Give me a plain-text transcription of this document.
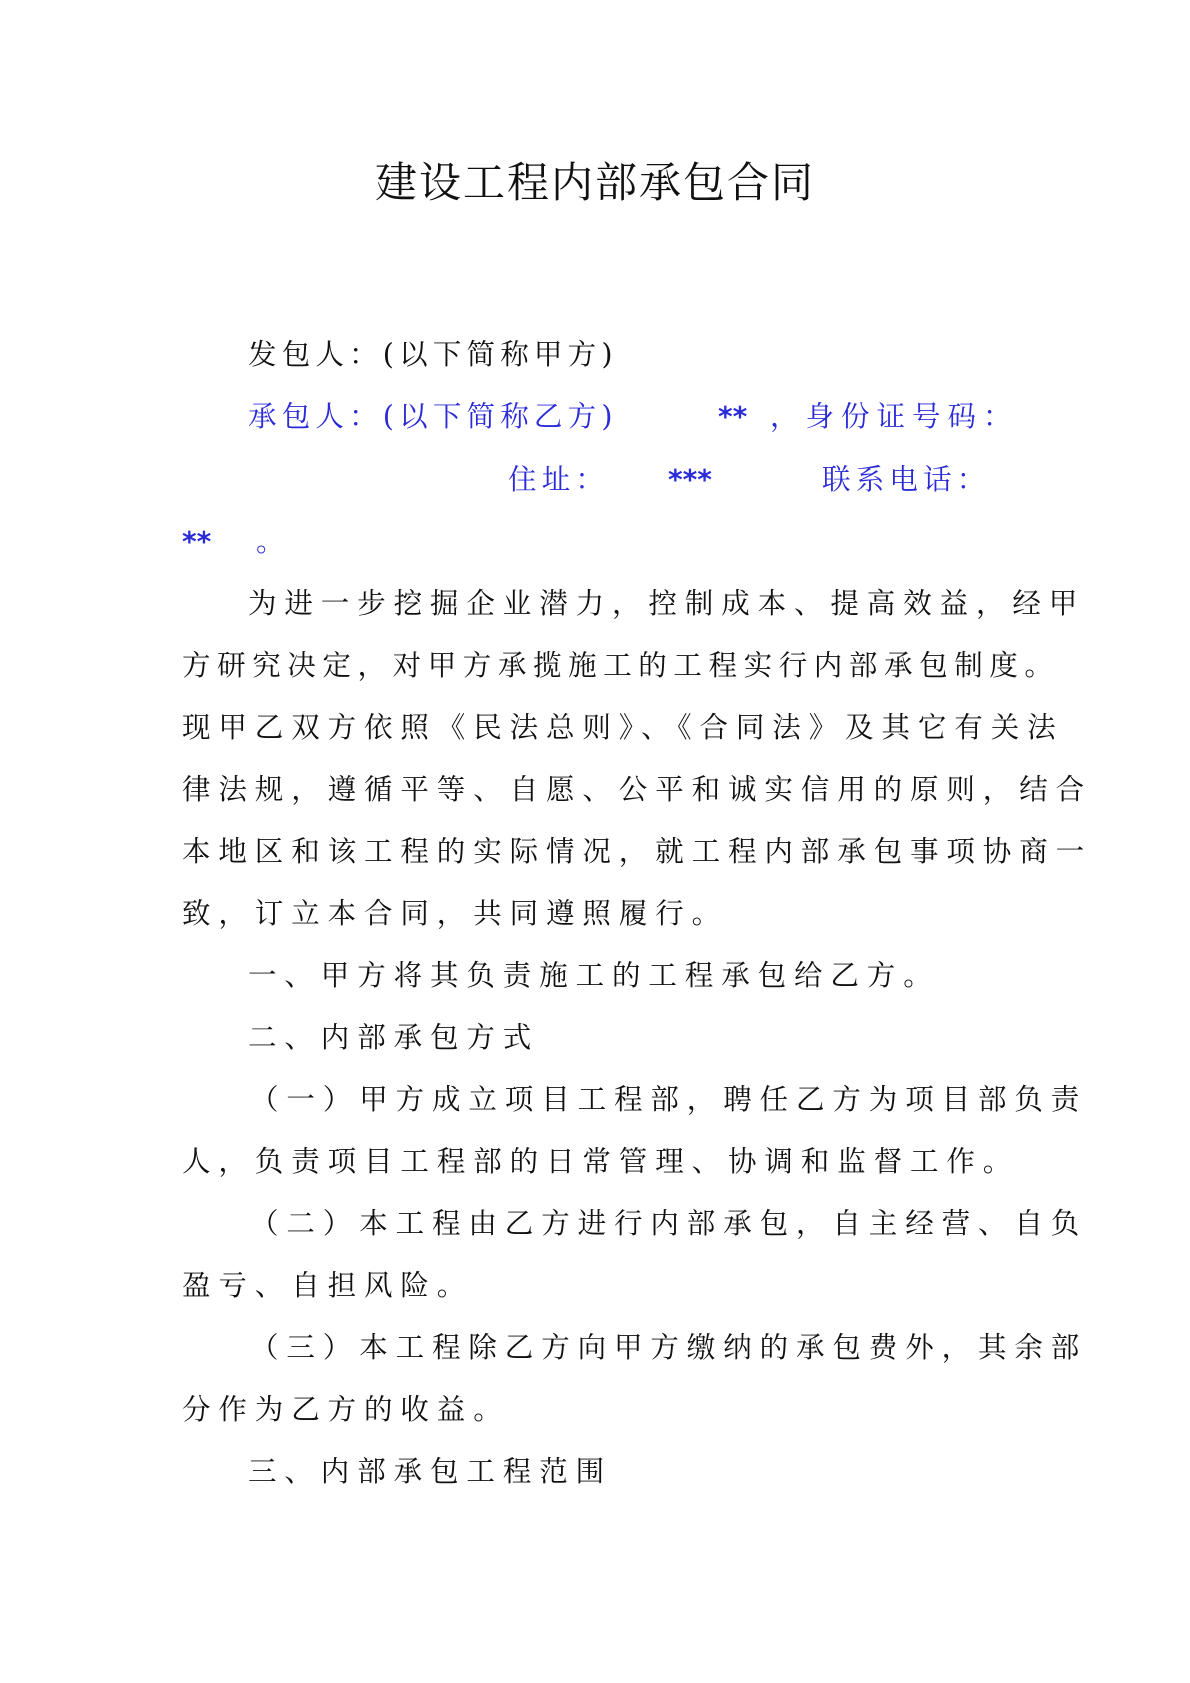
建设工程内部承包合同
发包人：(以下简称甲方)
承包人：(以下简称乙方)	** ，身份证号码：
住址： ***	联系电话：
** 。
为进一步挖掘企业潜力，控制成本、提高效益，经甲
方研究决定，对甲方承揽施工的工程实行内部承包制度。
现甲乙双方依照《民法总则》、《合同法》及其它有关法
律法规，遵循平等、自愿、公平和诚实信用的原则，结合
本地区和该工程的实际情况，就工程内部承包事项协商一
致，订立本合同，共同遵照履行。
一、甲方将其负责施工的工程承包给乙方。
二、内部承包方式
（一）甲方成立项目工程部，聘任乙方为项目部负责
人，负责项目工程部的日常管理、协调和监督工作。
（二）本工程由乙方进行内部承包，自主经营、自负
盈亏、自担风险。
（三）本工程除乙方向甲方缴纳的承包费外，其余部
分作为乙方的收益。
三、内部承包工程范围
